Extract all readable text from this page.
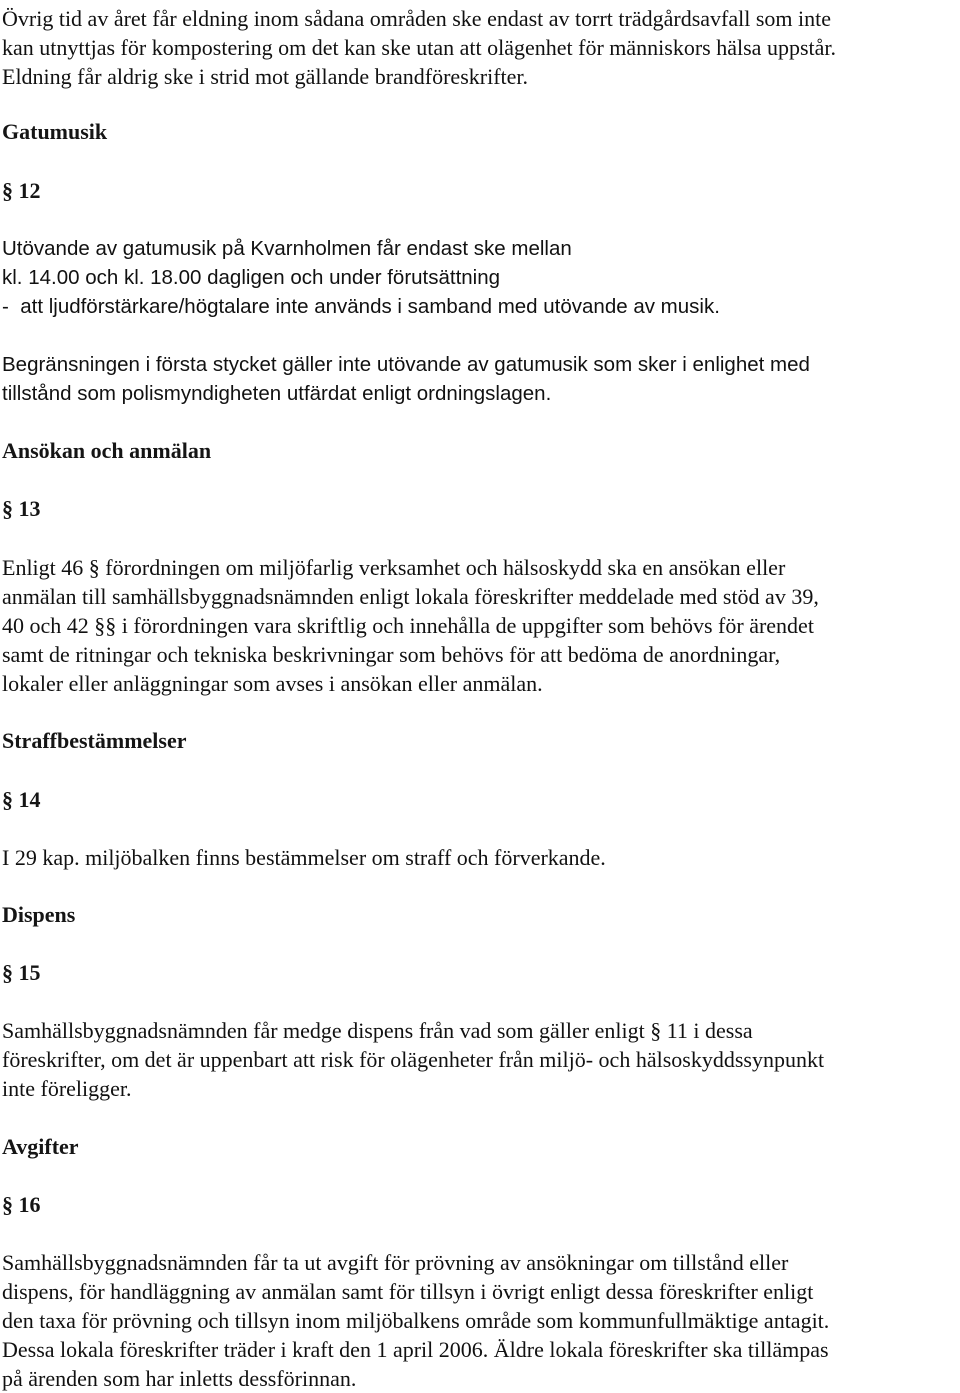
Övrig tid av året får eldning inom sådana områden ske endast av torrt trädgårdsavfall som inte

kan utnyttjas för kompostering om det kan ske utan att olägenhet för människors hälsa uppstår.

Eldning får aldrig ske i strid mot gällande brandföreskrifter.

Gatumusik

§ 12

Utövande av gatumusik på Kvarnholmen får endast ske mellan

kl. 14.00 och kl. 18.00 dagligen och under förutsättning

-  att ljudförstärkare/högtalare inte används i samband med utövande av musik.

Begränsningen i första stycket gäller inte utövande av gatumusik som sker i enlighet med

tillstånd som polismyndigheten utfärdat enligt ordningslagen.

Ansökan och anmälan

§ 13

Enligt 46 § förordningen om miljöfarlig verksamhet och hälsoskydd ska en ansökan eller

anmälan till samhällsbyggnadsnämnden enligt lokala föreskrifter meddelade med stöd av 39,

40 och 42 §§ i förordningen vara skriftlig och innehålla de uppgifter som behövs för ärendet

samt de ritningar och tekniska beskrivningar som behövs för att bedöma de anordningar,

lokaler eller anläggningar som avses i ansökan eller anmälan.

Straffbestämmelser

§ 14

I 29 kap. miljöbalken finns bestämmelser om straff och förverkande.

Dispens

§ 15

Samhällsbyggnadsnämnden får medge dispens från vad som gäller enligt § 11 i dessa

föreskrifter, om det är uppenbart att risk för olägenheter från miljö- och hälsoskyddssynpunkt

inte föreligger.

Avgifter

§ 16

Samhällsbyggnadsnämnden får ta ut avgift för prövning av ansökningar om tillstånd eller

dispens, för handläggning av anmälan samt för tillsyn i övrigt enligt dessa föreskrifter enligt

den taxa för prövning och tillsyn inom miljöbalkens område som kommunfullmäktige antagit.

Dessa lokala föreskrifter träder i kraft den 1 april 2006. Äldre lokala föreskrifter ska tillämpas

på ärenden som har inletts dessförinnan.
